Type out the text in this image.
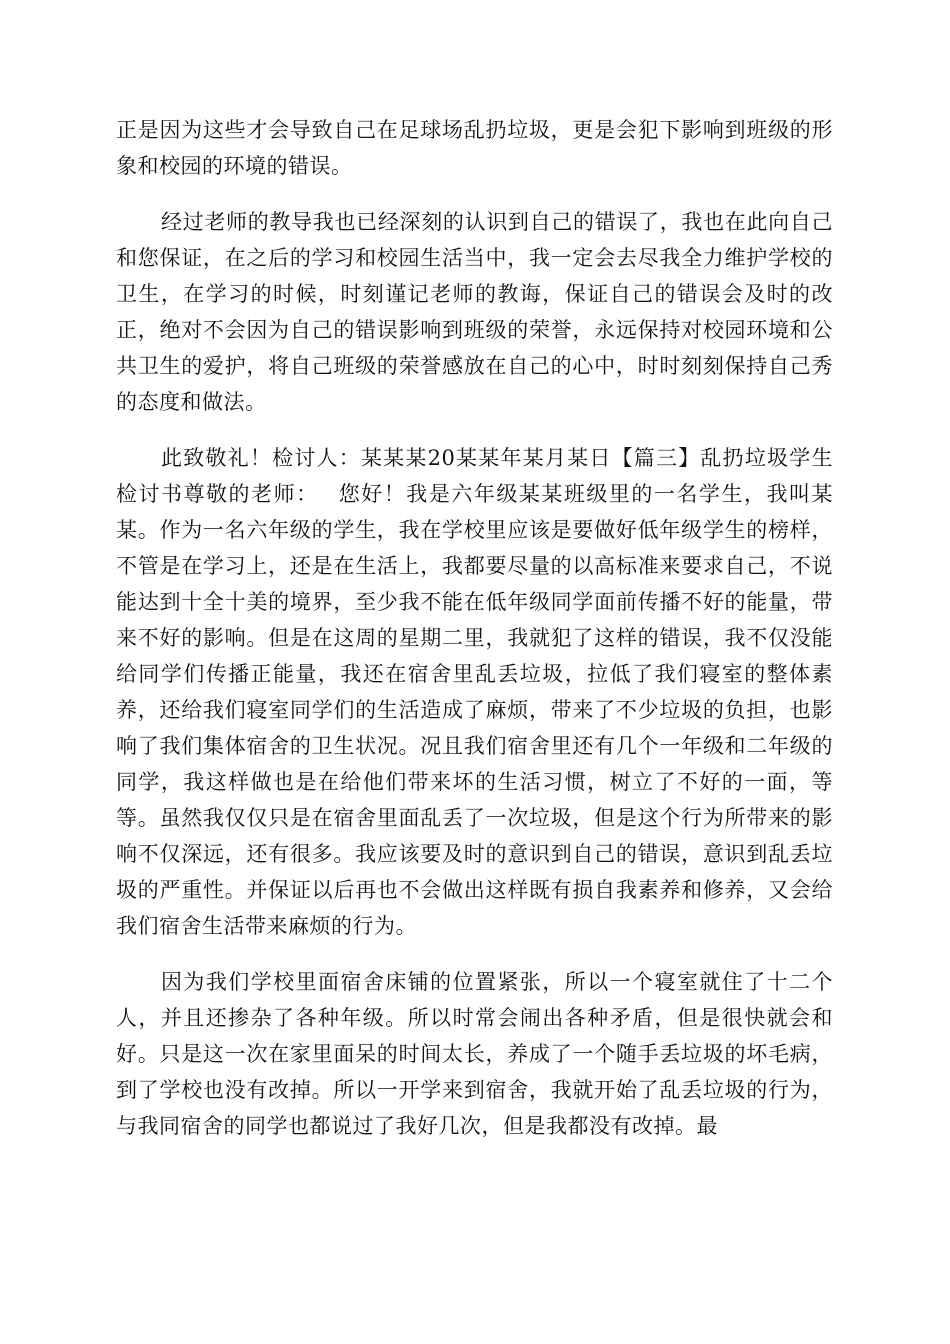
正是因为这些才会导致自己在足球场乱扔垃圾，更是会犯下影响到班级的形象和校园的环境的错误。

经过老师的教导我也已经深刻的认识到自己的错误了，我也在此向自己和您保证，在之后的学习和校园生活当中，我一定会去尽我全力维护学校的卫生，在学习的时候，时刻谨记老师的教诲，保证自己的错误会及时的改正，绝对不会因为自己的错误影响到班级的荣誉，永远保持对校园环境和公共卫生的爱护，将自己班级的荣誉感放在自己的心中，时时刻刻保持自己秀的态度和做法。

此致敬礼！检讨人：某某某20某某年某月某日【篇三】乱扔垃圾学生检讨书尊敬的老师：　 您好！我是六年级某某班级里的一名学生，我叫某某。作为一名六年级的学生，我在学校里应该是要做好低年级学生的榜样，不管是在学习上，还是在生活上，我都要尽量的以高标准来要求自己，不说能达到十全十美的境界，至少我不能在低年级同学面前传播不好的能量，带来不好的影响。但是在这周的星期二里，我就犯了这样的错误，我不仅没能给同学们传播正能量，我还在宿舍里乱丢垃圾，拉低了我们寝室的整体素养，还给我们寝室同学们的生活造成了麻烦，带来了不少垃圾的负担，也影响了我们集体宿舍的卫生状况。况且我们宿舍里还有几个一年级和二年级的同学，我这样做也是在给他们带来坏的生活习惯，树立了不好的一面，等等。虽然我仅仅只是在宿舍里面乱丢了一次垃圾，但是这个行为所带来的影响不仅深远，还有很多。我应该要及时的意识到自己的错误，意识到乱丢垃圾的严重性。并保证以后再也不会做出这样既有损自我素养和修养，又会给我们宿舍生活带来麻烦的行为。

因为我们学校里面宿舍床铺的位置紧张，所以一个寝室就住了十二个人，并且还掺杂了各种年级。所以时常会闹出各种矛盾，但是很快就会和好。只是这一次在家里面呆的时间太长，养成了一个随手丢垃圾的坏毛病，到了学校也没有改掉。所以一开学来到宿舍，我就开始了乱丢垃圾的行为，与我同宿舍的同学也都说过了我好几次，但是我都没有改掉。最
